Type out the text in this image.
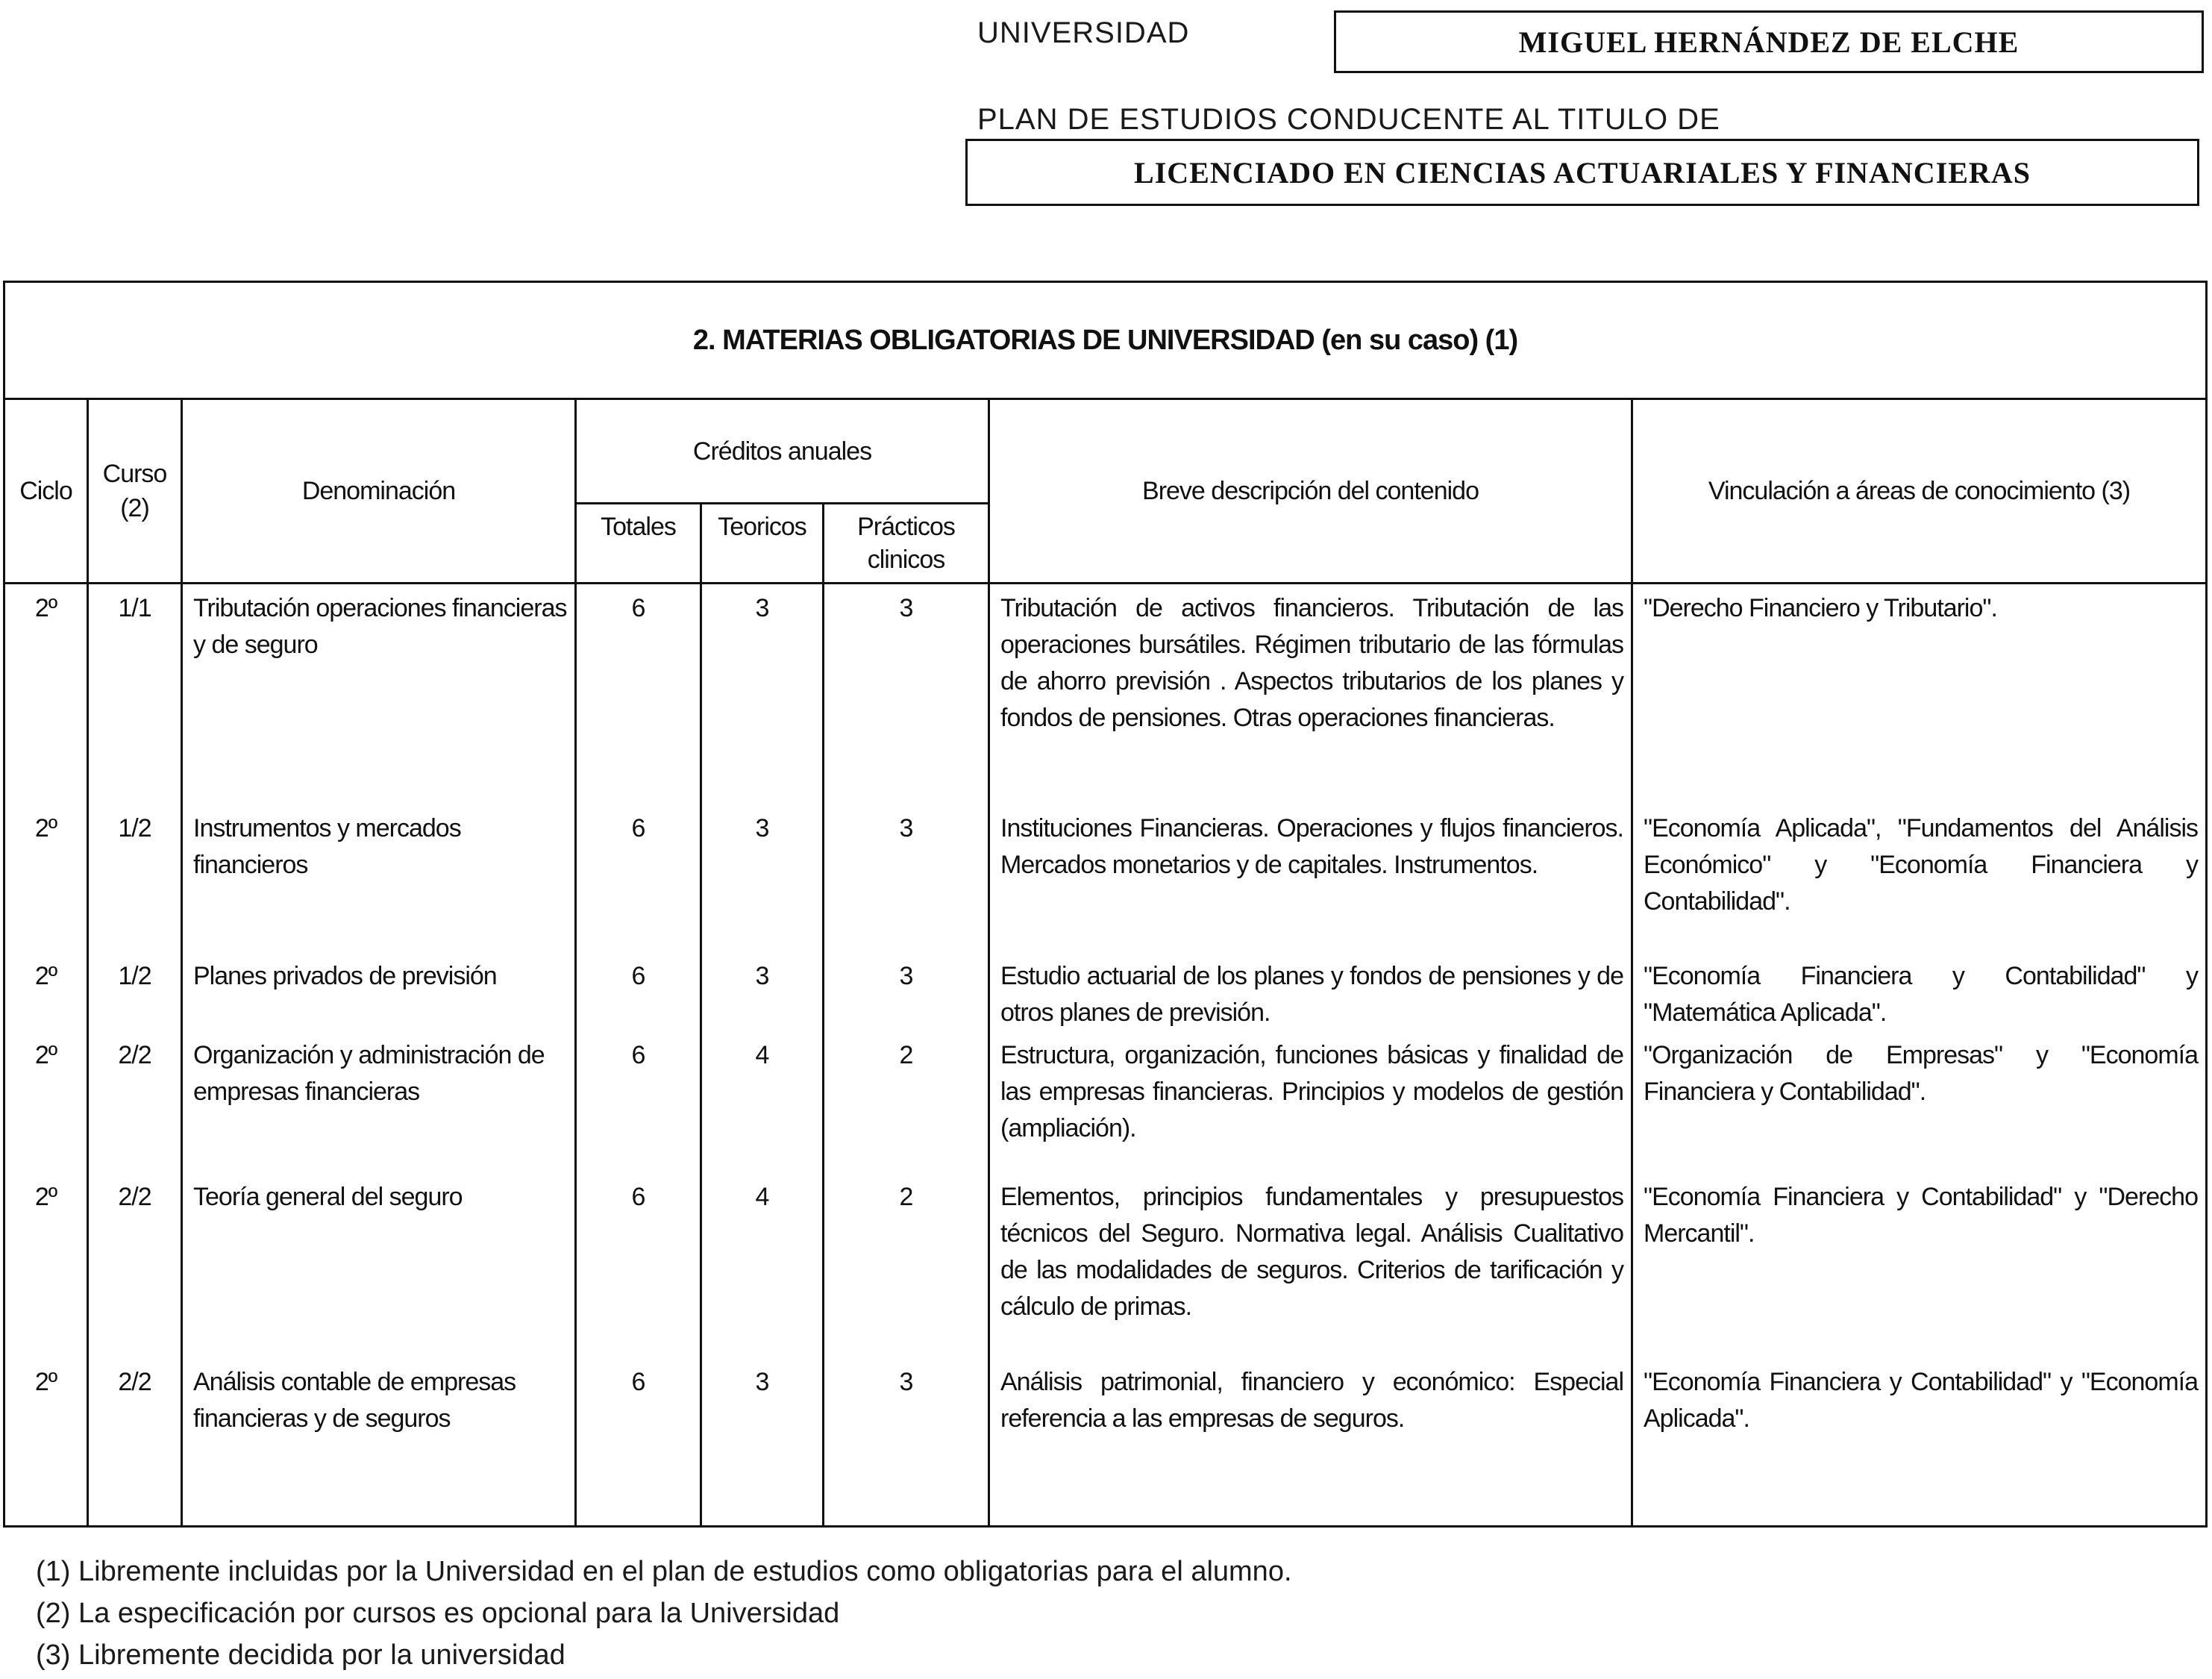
UNIVERSIDAD	MIGUEL HERNÁNDEZ DE ELCHE
PLAN DE ESTUDIOS CONDUCENTE AL TITULO DE
LICENCIADO EN CIENCIAS ACTUARIALES Y FINANCIERAS
2. MATERIAS OBLIGATORIAS DE UNIVERSIDAD (en su caso) (1)							
Ciclo	Curso (2)	Denominación	Créditos anuales			Breve descripción del contenido	Vinculación a áreas de conocimiento (3)
			Totales	Teoricos	Prácticos clinicos		
2º	1/1	Tributación operaciones financieras y de seguro	6	3	3	Tributación de activos financieros. Tributación de las operaciones bursátiles. Régimen tributario de las fórmulas de ahorro previsión . Aspectos tributarios de los planes y fondos de pensiones. Otras operaciones financieras.	"Derecho Financiero y Tributario".
2º	1/2	Instrumentos y mercados financieros	6	3	3	Instituciones Financieras. Operaciones y flujos financieros. Mercados monetarios y de capitales. Instrumentos.	"Economía Aplicada", "Fundamentos del Análisis Económico" y "Economía Financiera y Contabilidad".
2º	1/2	Planes privados de previsión	6	3	3	Estudio actuarial de los planes y fondos de pensiones y de otros planes de previsión.	"Economía Financiera y Contabilidad" y "Matemática Aplicada".
2º	2/2	Organización y administración de empresas financieras	6	4	2	Estructura, organización, funciones básicas y finalidad de las empresas financieras. Principios y modelos de gestión (ampliación).	"Organización de Empresas" y "Economía Financiera y Contabilidad".
2º	2/2	Teoría general del seguro	6	4	2	Elementos, principios fundamentales y presupuestos técnicos del Seguro. Normativa legal. Análisis Cualitativo de las modalidades de seguros. Criterios de tarificación y cálculo de primas.	"Economía Financiera y Contabilidad" y "Derecho Mercantil".
2º	2/2	Análisis contable de empresas financieras y de seguros	6	3	3	Análisis patrimonial, financiero y económico: Especial referencia a las empresas de seguros.	"Economía Financiera y Contabilidad" y "Economía Aplicada".
(1) Libremente incluidas por la Universidad en el plan de estudios como obligatorias para el alumno.
(2) La especificación por cursos es opcional para la Universidad
(3) Libremente decidida por la universidad
